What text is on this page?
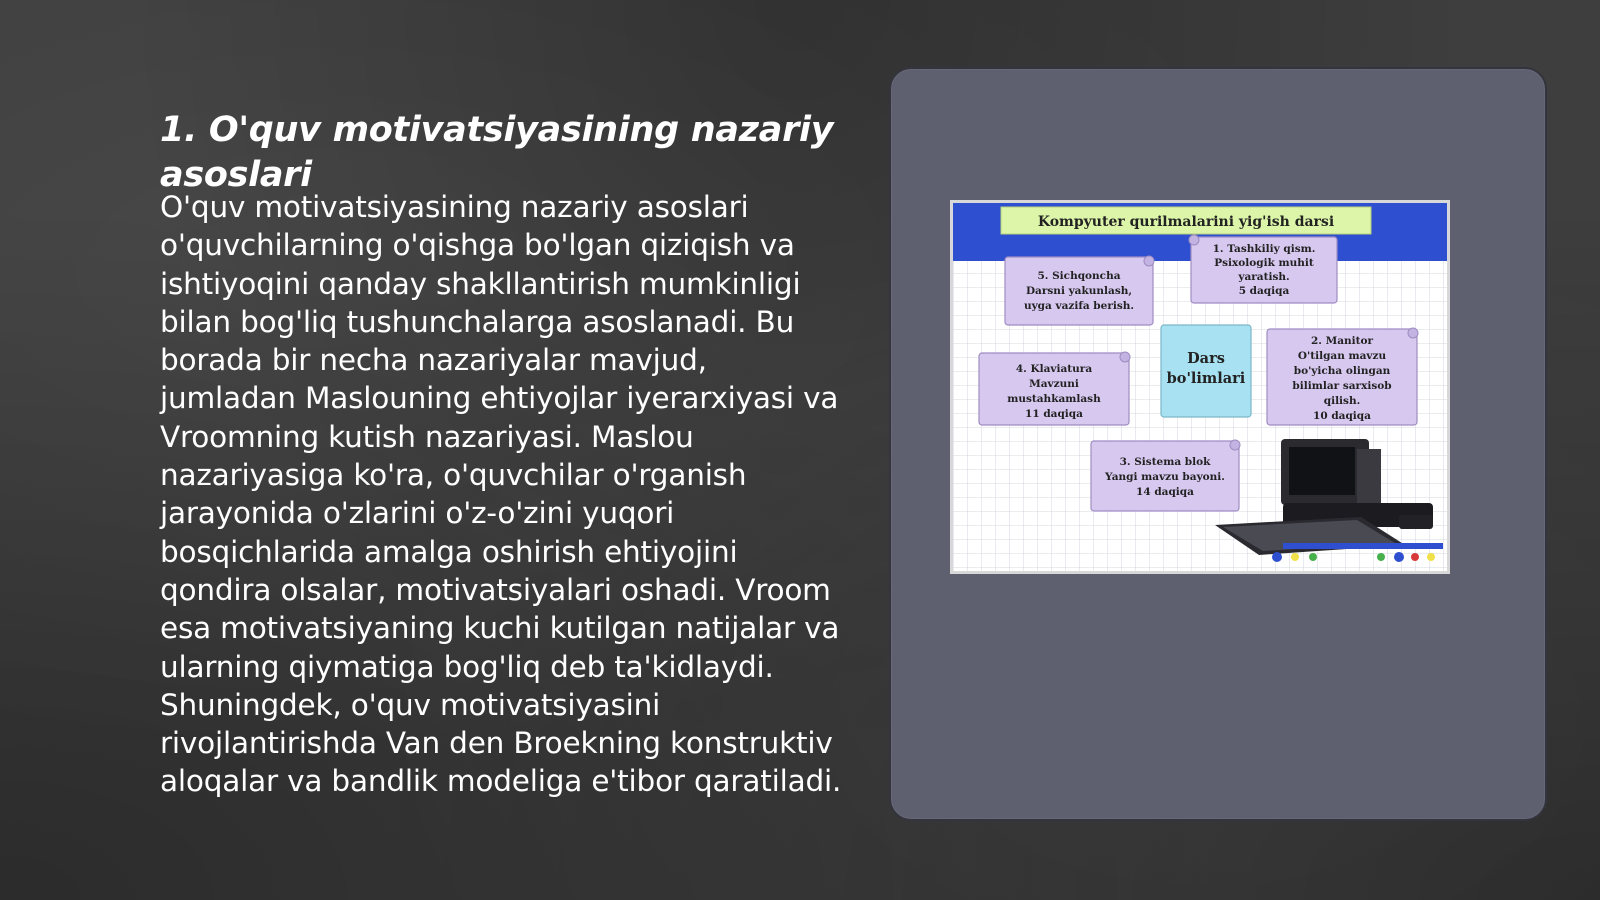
1. O'quv motivatsiyasining nazariy asoslari

O'quv motivatsiyasining nazariy asoslari o'quvchilarning o'qishga bo'lgan qiziqish va ishtiyoqini qanday shakllantirish mumkinligi bilan bog'liq tushunchalarga asoslanadi. Bu borada bir necha nazariyalar mavjud, jumladan Maslouning ehtiyojlar iyerarxiyasi va Vroomning kutish nazariyasi. Maslou nazariyasiga ko'ra, o'quvchilar o'rganish jarayonida o'zlarini o'z-o'zini yuqori bosqichlarida amalga oshirish ehtiyojini qondira olsalar, motivatsiyalari oshadi. Vroom esa motivatsiyaning kuchi kutilgan natijalar va ularning qiymatiga bog'liq deb ta'kidlaydi. Shuningdek, o'quv motivatsiyasini rivojlantirishda Van den Broekning konstruktiv aloqalar va bandlik modeliga e'tibor qaratiladi.

Kompyuter qurilmalarini yig'ish darsi
1. Tashkiliy qism.
Psixologik muhit
yaratish.
5 daqiqa
5. Sichqoncha
Darsni yakunlash,
uyga vazifa berish.
Dars
bo'limlari
2. Manitor
O'tilgan mavzu
bo'yicha olingan
bilimlar sarxisob
qilish.
10 daqiqa
4. Klaviatura
Mavzuni
mustahkamlash
11 daqiqa
3. Sistema blok
Yangi mavzu bayoni.
14 daqiqa
